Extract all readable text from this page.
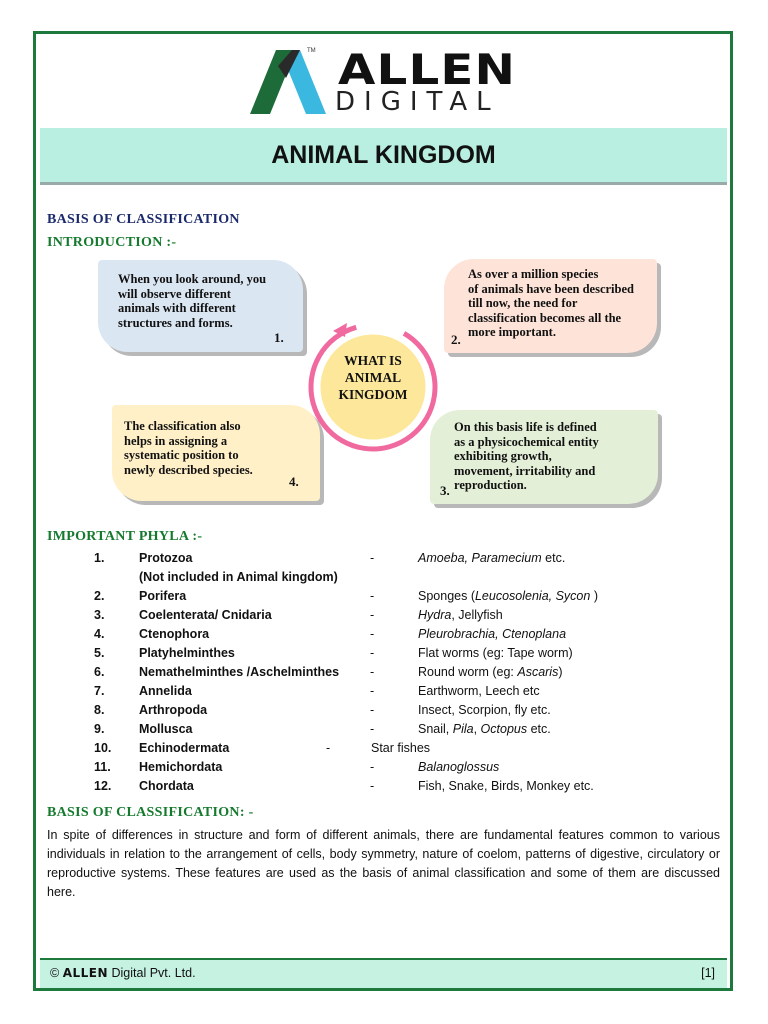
TM ALLEN
DIGITAL
ANIMAL KINGDOM
BASIS OF CLASSIFICATION
INTRODUCTION :-
When you look around, you
will observe different
animals with different
structures and forms.
1.
As over a million species
of animals have been described
till now, the need for
classification becomes all the
more important.
2.
On this basis life is defined
as a physicochemical entity
exhibiting growth,
movement, irritability and
reproduction.
3.
The classification also
helps in assigning a
systematic position to
newly described species.
4.
WHAT IS
ANIMAL
KINGDOM
IMPORTANT PHYLA :-
1.	Protozoa	-	Amoeba, Paramecium etc.
(Not included in Animal kingdom)
2.	Porifera	-	Sponges (Leucosolenia, Sycon )
3.	Coelenterata/ Cnidaria	-	Hydra, Jellyfish
4.	Ctenophora	-	Pleurobrachia, Ctenoplana
5.	Platyhelminthes	-	Flat worms (eg: Tape worm)
6.	Nemathelminthes /Aschelminthes -	Round worm (eg: Ascaris)
7.	Annelida	-	Earthworm, Leech etc
8.	Arthropoda	-	Insect, Scorpion, fly etc.
9.	Mollusca	-	Snail, Pila, Octopus etc.
10. Echinodermata	-	Star fishes
11. Hemichordata	-	Balanoglossus
12. Chordata	-	Fish, Snake, Birds, Monkey etc.
BASIS OF CLASSIFICATION: -
In spite of differences in structure and form of different animals, there are fundamental features common to various individuals in relation to the arrangement of cells, body symmetry, nature of coelom, patterns of digestive, circulatory or reproductive systems. These features are used as the basis of animal classification and some of them are discussed here.
© ALLEN Digital Pvt. Ltd.	[1]
